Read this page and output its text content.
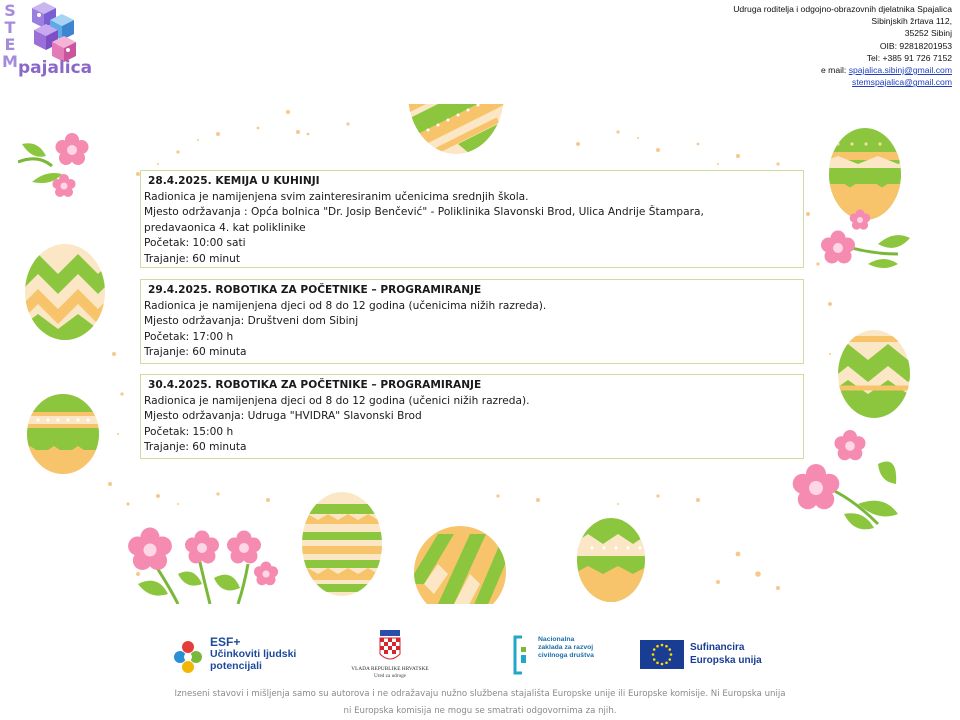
S
T
E
M pajalica
Udruga roditelja i odgojno-obrazovnih djelatnika Spajalica
Sibinjskih žrtava 112,
35252 Sibinj
OIB: 92818201953
Tel: +385 91 726 7152
e mail: spajalica.sibinj@gmail.com
stemspajalica@gmail.com
28.4.2025. KEMIJA U KUHINJI
Radionica je namijenjena svim zainteresiranim učenicima srednjih škola.
Mjesto održavanja : Opća bolnica "Dr. Josip Benčević" - Poliklinika Slavonski Brod, Ulica Andrije Štampara,
predavaonica 4. kat poliklinike
Početak: 10:00 sati
Trajanje: 60 minut
29.4.2025. ROBOTIKA ZA POČETNIKE – PROGRAMIRANJE
Radionica je namijenjena djeci od 8 do 12 godina (učenicima nižih razreda).
Mjesto održavanja: Društveni dom Sibinj
Početak: 17:00 h
Trajanje: 60 minuta
30.4.2025. ROBOTIKA ZA POČETNIKE – PROGRAMIRANJE
Radionica je namijenjena djeci od 8 do 12 godina (učenici nižih razreda).
Mjesto održavanja: Udruga "HVIDRA" Slavonski Brod
Početak: 15:00 h
Trajanje: 60 minuta
ESF+
Učinkoviti ljudski potencijali	VLADA REPUBLIKE HRVATSKE
Ured za udruge
Nacionalna zaklada za razvoj civilnoga društva
Sufinancira
Europska unija
Izneseni stavovi i mišljenja samo su autorova i ne odražavaju nužno službena stajališta Europske unije ili Europske komisije. Ni Europska unija
ni Europska komisija ne mogu se smatrati odgovornima za njih.
